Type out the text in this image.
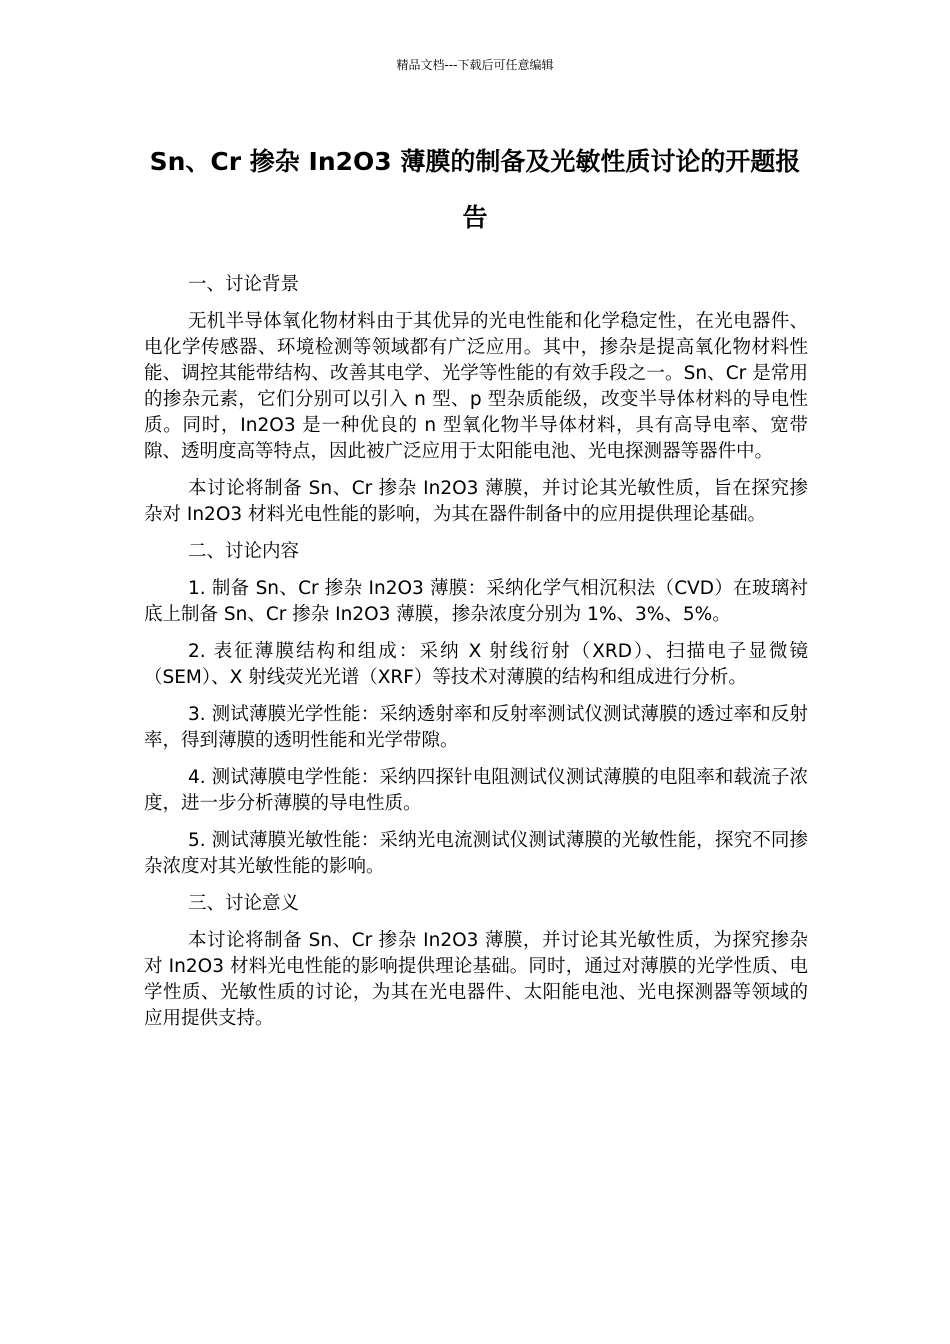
精品文档---下载后可任意编辑
Sn、Cr 掺杂 In2O3 薄膜的制备及光敏性质讨论的开题报告

一、讨论背景

无机半导体氧化物材料由于其优异的光电性能和化学稳定性，在光电器件、电化学传感器、环境检测等领域都有广泛应用。其中，掺杂是提高氧化物材料性能、调控其能带结构、改善其电学、光学等性能的有效手段之一。Sn、Cr 是常用的掺杂元素，它们分别可以引入 n 型、p 型杂质能级，改变半导体材料的导电性质。同时，In2O3 是一种优良的 n 型氧化物半导体材料，具有高导电率、宽带隙、透明度高等特点，因此被广泛应用于太阳能电池、光电探测器等器件中。

本讨论将制备 Sn、Cr 掺杂 In2O3 薄膜，并讨论其光敏性质，旨在探究掺杂对 In2O3 材料光电性能的影响，为其在器件制备中的应用提供理论基础。

二、讨论内容

1. 制备 Sn、Cr 掺杂 In2O3 薄膜：采纳化学气相沉积法（CVD）在玻璃衬底上制备 Sn、Cr 掺杂 In2O3 薄膜，掺杂浓度分别为 1%、3%、5%。

2. 表征薄膜结构和组成：采纳 X 射线衍射（XRD）、扫描电子显微镜（SEM）、X 射线荧光光谱（XRF）等技术对薄膜的结构和组成进行分析。

3. 测试薄膜光学性能：采纳透射率和反射率测试仪测试薄膜的透过率和反射率，得到薄膜的透明性能和光学带隙。

4. 测试薄膜电学性能：采纳四探针电阻测试仪测试薄膜的电阻率和载流子浓度，进一步分析薄膜的导电性质。

5. 测试薄膜光敏性能：采纳光电流测试仪测试薄膜的光敏性能，探究不同掺杂浓度对其光敏性能的影响。

三、讨论意义

本讨论将制备 Sn、Cr 掺杂 In2O3 薄膜，并讨论其光敏性质，为探究掺杂对 In2O3 材料光电性能的影响提供理论基础。同时，通过对薄膜的光学性质、电学性质、光敏性质的讨论，为其在光电器件、太阳能电池、光电探测器等领域的应用提供支持。
